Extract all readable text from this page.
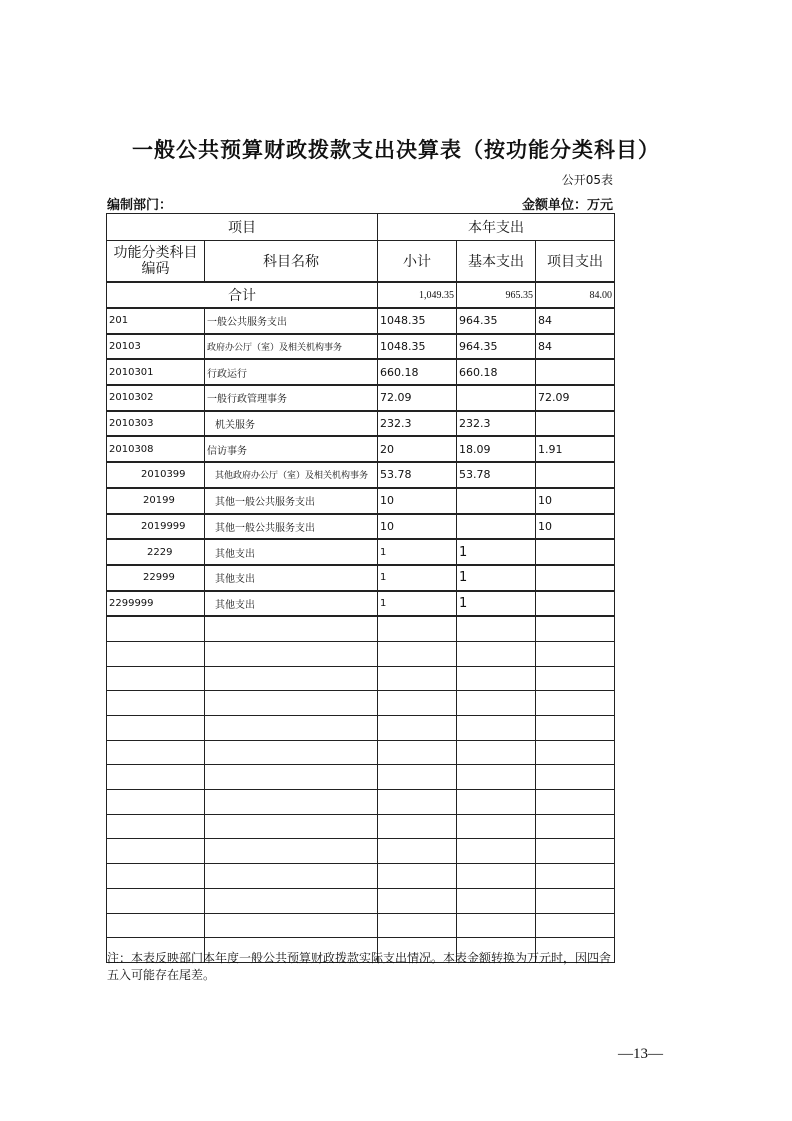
一般公共预算财政拨款支出决算表（按功能分类科目）
公开05表
编制部门：	金额单位：万元
项目		本年支出		
功能分类科目编码	科目名称	小计	基本支出	项目支出
合计		1,049.35	965.35	84.00
201	一般公共服务支出	1048.35	964.35	84
20103	政府办公厅（室）及相关机构事务	1048.35	964.35	84
2010301	行政运行	660.18	660.18	
2010302	一般行政管理事务	72.09		72.09
2010303	机关服务	232.3	232.3	
2010308	信访事务	20	18.09	1.91
2010399	其他政府办公厅（室）及相关机构事务	53.78	53.78	
20199	其他一般公共服务支出	10		10
2019999	其他一般公共服务支出	10		10
2229	其他支出	1	1	
22999	其他支出	1	1	
2299999	其他支出	1	1	

注：本表反映部门本年度一般公共预算财政拨款实际支出情况。本表金额转换为万元时，因四舍五入可能存在尾差。
—13—
